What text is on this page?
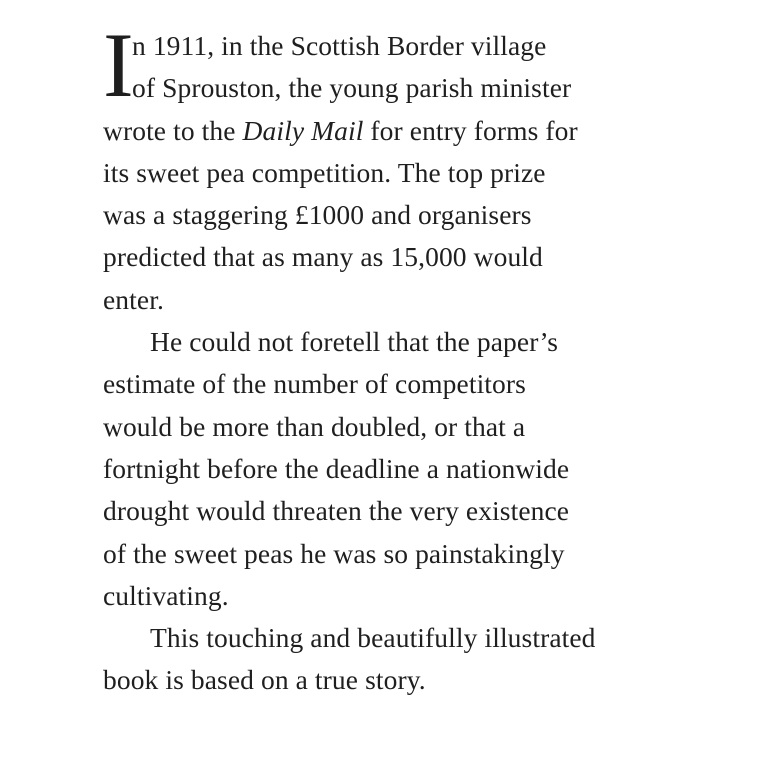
I
n 1911, in the Scottish Border village
of Sprouston, the young parish minister
wrote to the Daily Mail for entry forms for
its sweet pea competition. The top prize
was a staggering £1000 and organisers
predicted that as many as 15,000 would
enter.
He could not foretell that the paper’s
estimate of the number of competitors
would be more than doubled, or that a
fortnight before the deadline a nationwide
drought would threaten the very existence
of the sweet peas he was so painstakingly
cultivating.
This touching and beautifully illustrated
book is based on a true story.
